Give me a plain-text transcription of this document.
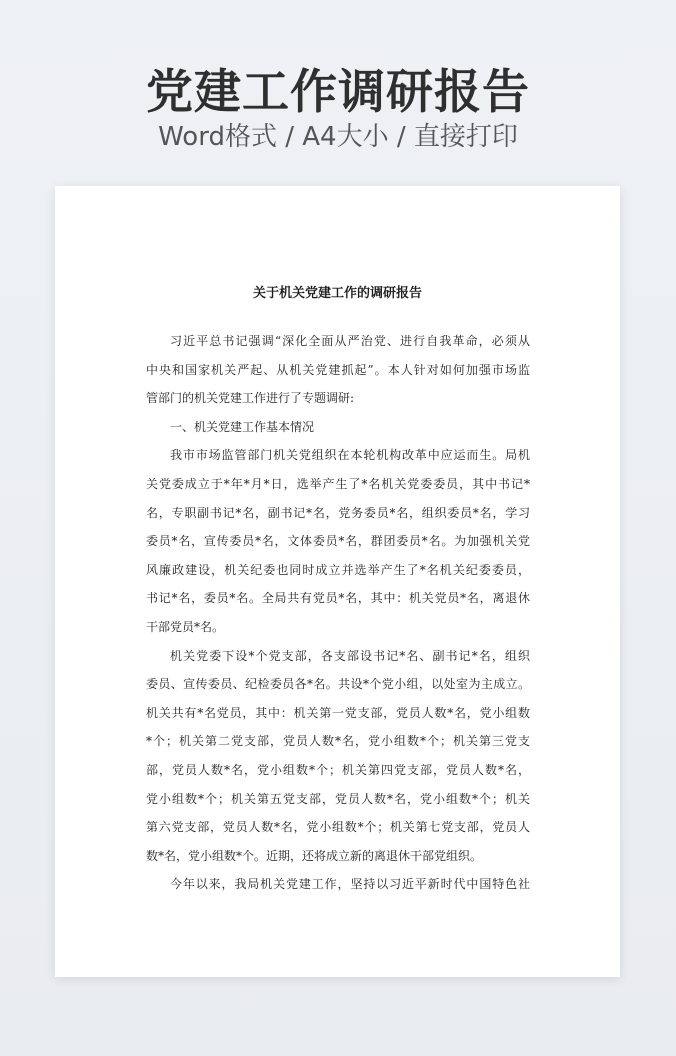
党建工作调研报告
Word格式 / A4大小 / 直接打印
关于机关党建工作的调研报告
习近平总书记强调“深化全面从严治党、进行自我革命，必须从
中央和国家机关严起、从机关党建抓起”。本人针对如何加强市场监
管部门的机关党建工作进行了专题调研:
一、机关党建工作基本情况
我市市场监管部门机关党组织在本轮机构改革中应运而生。局机
关党委成立于*年*月*日，选举产生了*名机关党委委员，其中书记*
名，专职副书记*名，副书记*名，党务委员*名，组织委员*名，学习
委员*名，宣传委员*名，文体委员*名，群团委员*名。为加强机关党
风廉政建设，机关纪委也同时成立并选举产生了*名机关纪委委员，
书记*名，委员*名。全局共有党员*名，其中：机关党员*名，离退休
干部党员*名。
机关党委下设*个党支部，各支部设书记*名、副书记*名，组织
委员、宣传委员、纪检委员各*名。共设*个党小组，以处室为主成立。
机关共有*名党员，其中：机关第一党支部，党员人数*名，党小组数
*个；机关第二党支部，党员人数*名，党小组数*个；机关第三党支
部，党员人数*名，党小组数*个；机关第四党支部，党员人数*名，
党小组数*个；机关第五党支部，党员人数*名，党小组数*个；机关
第六党支部，党员人数*名，党小组数*个；机关第七党支部，党员人
数*名，党小组数*个。近期，还将成立新的离退休干部党组织。
今年以来，我局机关党建工作，坚持以习近平新时代中国特色社
